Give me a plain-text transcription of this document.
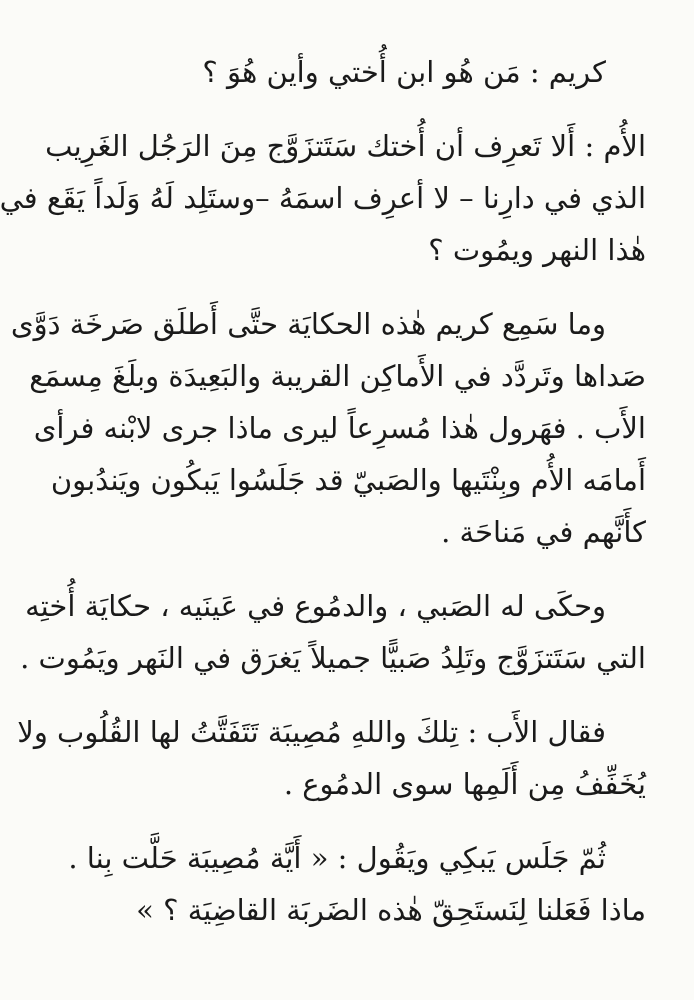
كريم : مَن هُو ابن أُختي وأين هُوَ ؟
الأُم : أَلا تَعرِف أن أُختك سَتَتزَوَّج مِنَ الرَجُل الغَرِيب
الذي في دارِنا – لا أعرِف اسمَهُ –وستَلِد لَهُ وَلَداً يَقَع في
هٰذا النهر ويمُوت ؟
وما سَمِع كريم هٰذه الحكايَة حتَّى أَطلَق صَرخَة دَوَّى
صَداها وتَردَّد في الأَماكِن القريبة والبَعِيدَة وبلَغَ مِسمَع
الأَب . فهَرول هٰذا مُسرِعاً ليرى ماذا جرى لابْنه فرأى
أَمامَه الأُم وبِنْتَيها والصَبيّ قد جَلَسُوا يَبكُون ويَندُبون
كأَنَّهم في مَناحَة .
وحكَى له الصَبي ، والدمُوع في عَينَيه ، حكايَة أُختِه
التي سَتَتزَوَّج وتَلِدُ صَبيًّا جميلاً يَغرَق في النَهر ويَمُوت .
فقال الأَب : تِلكَ واللهِ مُصِيبَة تَتَفَتَّتُ لها القُلُوب ولا
يُخَفِّفُ مِن أَلَمِها سوى الدمُوع .
ثُمّ جَلَس يَبكِي ويَقُول : « أَيَّة مُصِيبَة حَلَّت بِنا .
ماذا فَعَلنا لِنَستَحِقّ هٰذه الضَربَة القاضِيَة ؟ »
